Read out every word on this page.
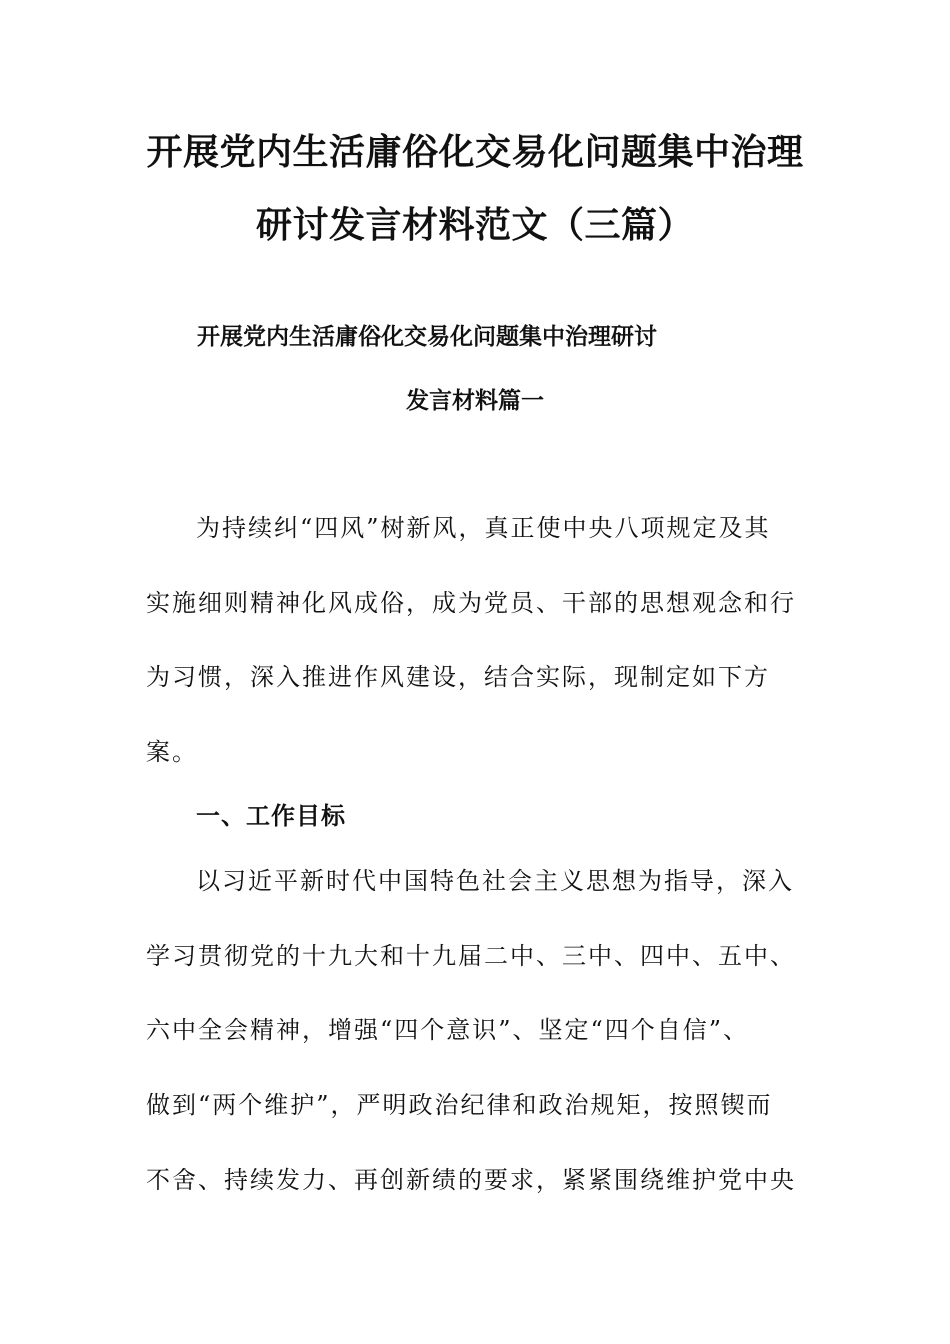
开展党内生活庸俗化交易化问题集中治理
研讨发言材料范文（三篇）
开展党内生活庸俗化交易化问题集中治理研讨
发言材料篇一
为持续纠“四风”树新风，真正使中央八项规定及其
实施细则精神化风成俗，成为党员、干部的思想观念和行
为习惯，深入推进作风建设，结合实际，现制定如下方
案。
一、工作目标
以习近平新时代中国特色社会主义思想为指导，深入
学习贯彻党的十九大和十九届二中、三中、四中、五中、
六中全会精神，增强“四个意识”、坚定“四个自信”、
做到“两个维护”，严明政治纪律和政治规矩，按照锲而
不舍、持续发力、再创新绩的要求，紧紧围绕维护党中央
